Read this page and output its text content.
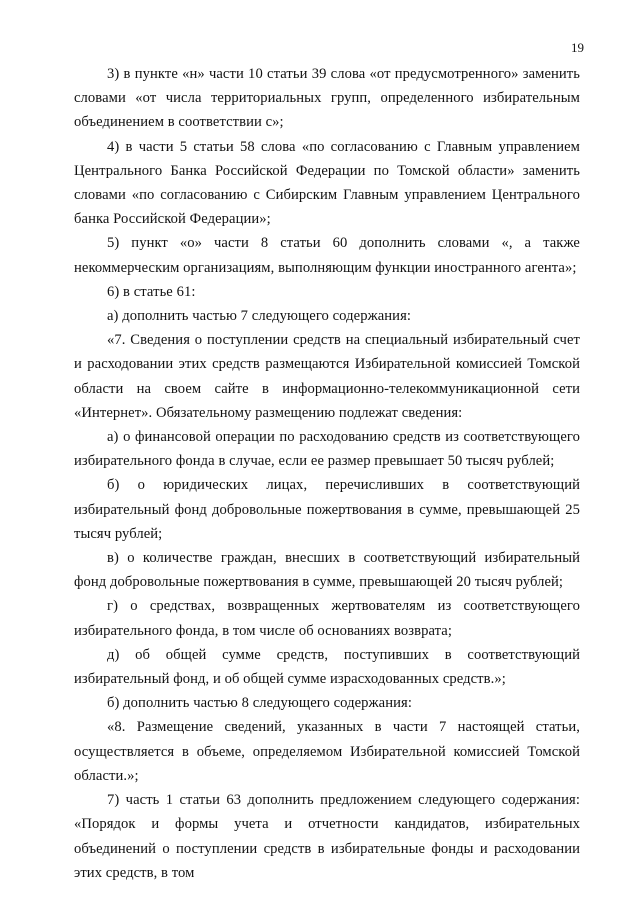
19

3) в пункте «н» части 10 статьи 39 слова «от предусмотренного» заменить словами «от числа территориальных групп, определенного избирательным объединением в соответствии с»;

4) в части 5 статьи 58 слова «по согласованию с Главным управлением Центрального Банка Российской Федерации по Томской области» заменить словами «по согласованию с Сибирским Главным управлением Центрального банка Российской Федерации»;

5) пункт «о» части 8 статьи 60 дополнить словами «, а также некоммерческим организациям, выполняющим функции иностранного агента»;

6) в статье 61:

а) дополнить частью 7 следующего содержания:

«7. Сведения о поступлении средств на специальный избирательный счет и расходовании этих средств размещаются Избирательной комиссией Томской области на своем сайте в информационно-телекоммуникационной сети «Интернет». Обязательному размещению подлежат сведения:

а) о финансовой операции по расходованию средств из соответствующего избирательного фонда в случае, если ее размер превышает 50 тысяч рублей;

б) о юридических лицах, перечисливших в соответствующий избирательный фонд добровольные пожертвования в сумме, превышающей 25 тысяч рублей;

в) о количестве граждан, внесших в соответствующий избирательный фонд добровольные пожертвования в сумме, превышающей 20 тысяч рублей;

г) о средствах, возвращенных жертвователям из соответствующего избирательного фонда, в том числе об основаниях возврата;

д) об общей сумме средств, поступивших в соответствующий избирательный фонд, и об общей сумме израсходованных средств.»;

б) дополнить частью 8 следующего содержания:

«8. Размещение сведений, указанных в части 7 настоящей статьи, осуществляется в объеме, определяемом Избирательной комиссией Томской области.»;

7) часть 1 статьи 63 дополнить предложением следующего содержания: «Порядок и формы учета и отчетности кандидатов, избирательных объединений о поступлении средств в избирательные фонды и расходовании этих средств, в том
